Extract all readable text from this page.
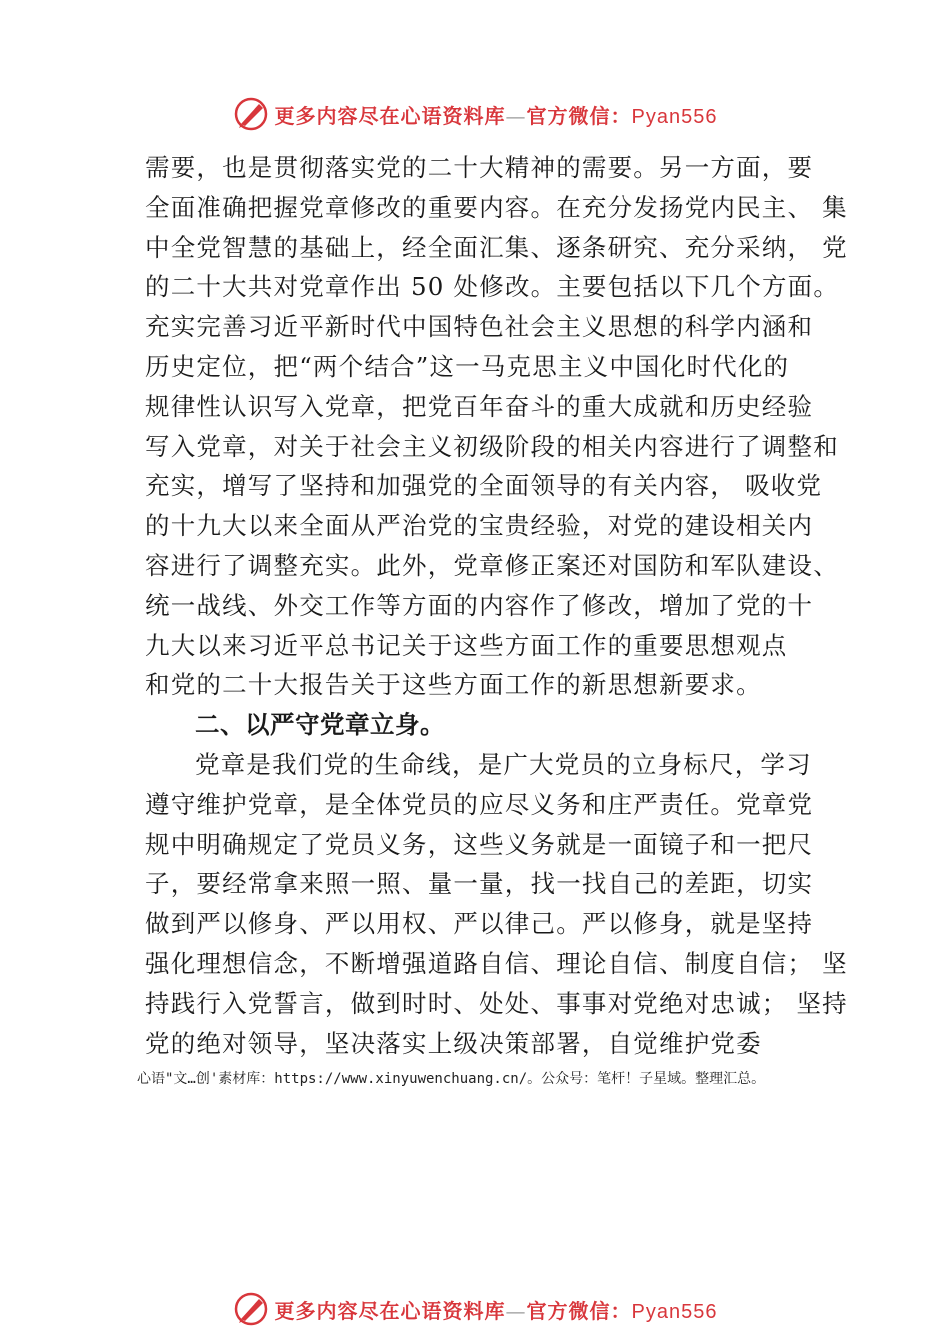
更多内容尽在心语资料库—官方微信：Pyan556
需要，也是贯彻落实党的二十大精神的需要。另一方面，要
全面准确把握党章修改的重要内容。在充分发扬党内民主、 集
中全党智慧的基础上，经全面汇集、逐条研究、充分采纳， 党
的二十大共对党章作出 50 处修改。主要包括以下几个方面。
充实完善习近平新时代中国特色社会主义思想的科学内涵和
历史定位，把“两个结合”这一马克思主义中国化时代化的
规律性认识写入党章，把党百年奋斗的重大成就和历史经验
写入党章，对关于社会主义初级阶段的相关内容进行了调整和
充实，增写了坚持和加强党的全面领导的有关内容， 吸收党
的十九大以来全面从严治党的宝贵经验，对党的建设相关内
容进行了调整充实。此外，党章修正案还对国防和军队建设、
统一战线、外交工作等方面的内容作了修改，增加了党的十
九大以来习近平总书记关于这些方面工作的重要思想观点
和党的二十大报告关于这些方面工作的新思想新要求。
二、以严守党章立身。
党章是我们党的生命线，是广大党员的立身标尺，学习
遵守维护党章，是全体党员的应尽义务和庄严责任。党章党
规中明确规定了党员义务，这些义务就是一面镜子和一把尺
子，要经常拿来照一照、量一量，找一找自己的差距，切实
做到严以修身、严以用权、严以律己。严以修身，就是坚持
强化理想信念，不断增强道路自信、理论自信、制度自信； 坚
持践行入党誓言，做到时时、处处、事事对党绝对忠诚； 坚持
党的绝对领导，坚决落实上级决策部署，自觉维护党委
心语"文…创'素材库：https://www.xinyuwenchuang.cn/。公众号：笔杆！子星域。整理汇总。
更多内容尽在心语资料库—官方微信：Pyan556
